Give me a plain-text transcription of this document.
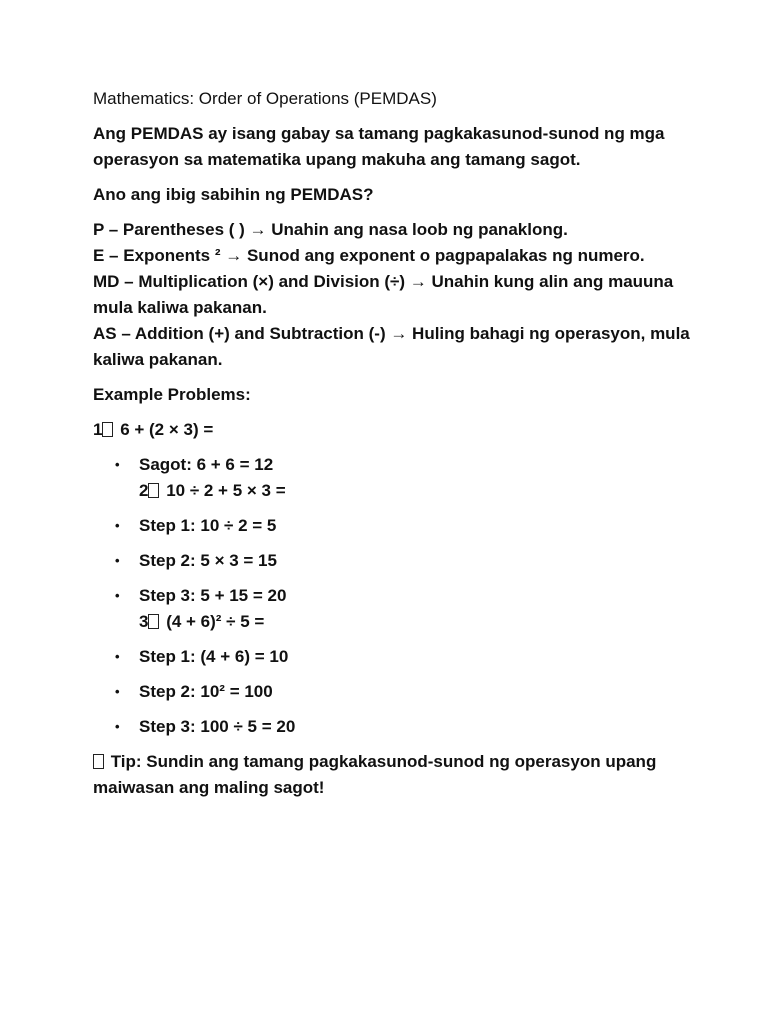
Mathematics: Order of Operations (PEMDAS)

Ang PEMDAS ay isang gabay sa tamang pagkakasunod-sunod ng mga operasyon sa matematika upang makuha ang tamang sagot.

Ano ang ibig sabihin ng PEMDAS?

P – Parentheses ( ) → Unahin ang nasa loob ng panaklong.
E – Exponents ² → Sunod ang exponent o pagpapalakas ng numero.
MD – Multiplication (×) and Division (÷) → Unahin kung alin ang mauuna mula kaliwa pakanan.
AS – Addition (+) and Subtraction (-) → Huling bahagi ng operasyon, mula kaliwa pakanan.

Example Problems:

1 6 + (2 × 3) =

• Sagot: 6 + 6 = 12
2 10 ÷ 2 + 5 × 3 =
• Step 1: 10 ÷ 2 = 5
• Step 2: 5 × 3 = 15
• Step 3: 5 + 15 = 20
3 (4 + 6)² ÷ 5 =
• Step 1: (4 + 6) = 10
• Step 2: 10² = 100
• Step 3: 100 ÷ 5 = 20

Tip: Sundin ang tamang pagkakasunod-sunod ng operasyon upang maiwasan ang maling sagot!
